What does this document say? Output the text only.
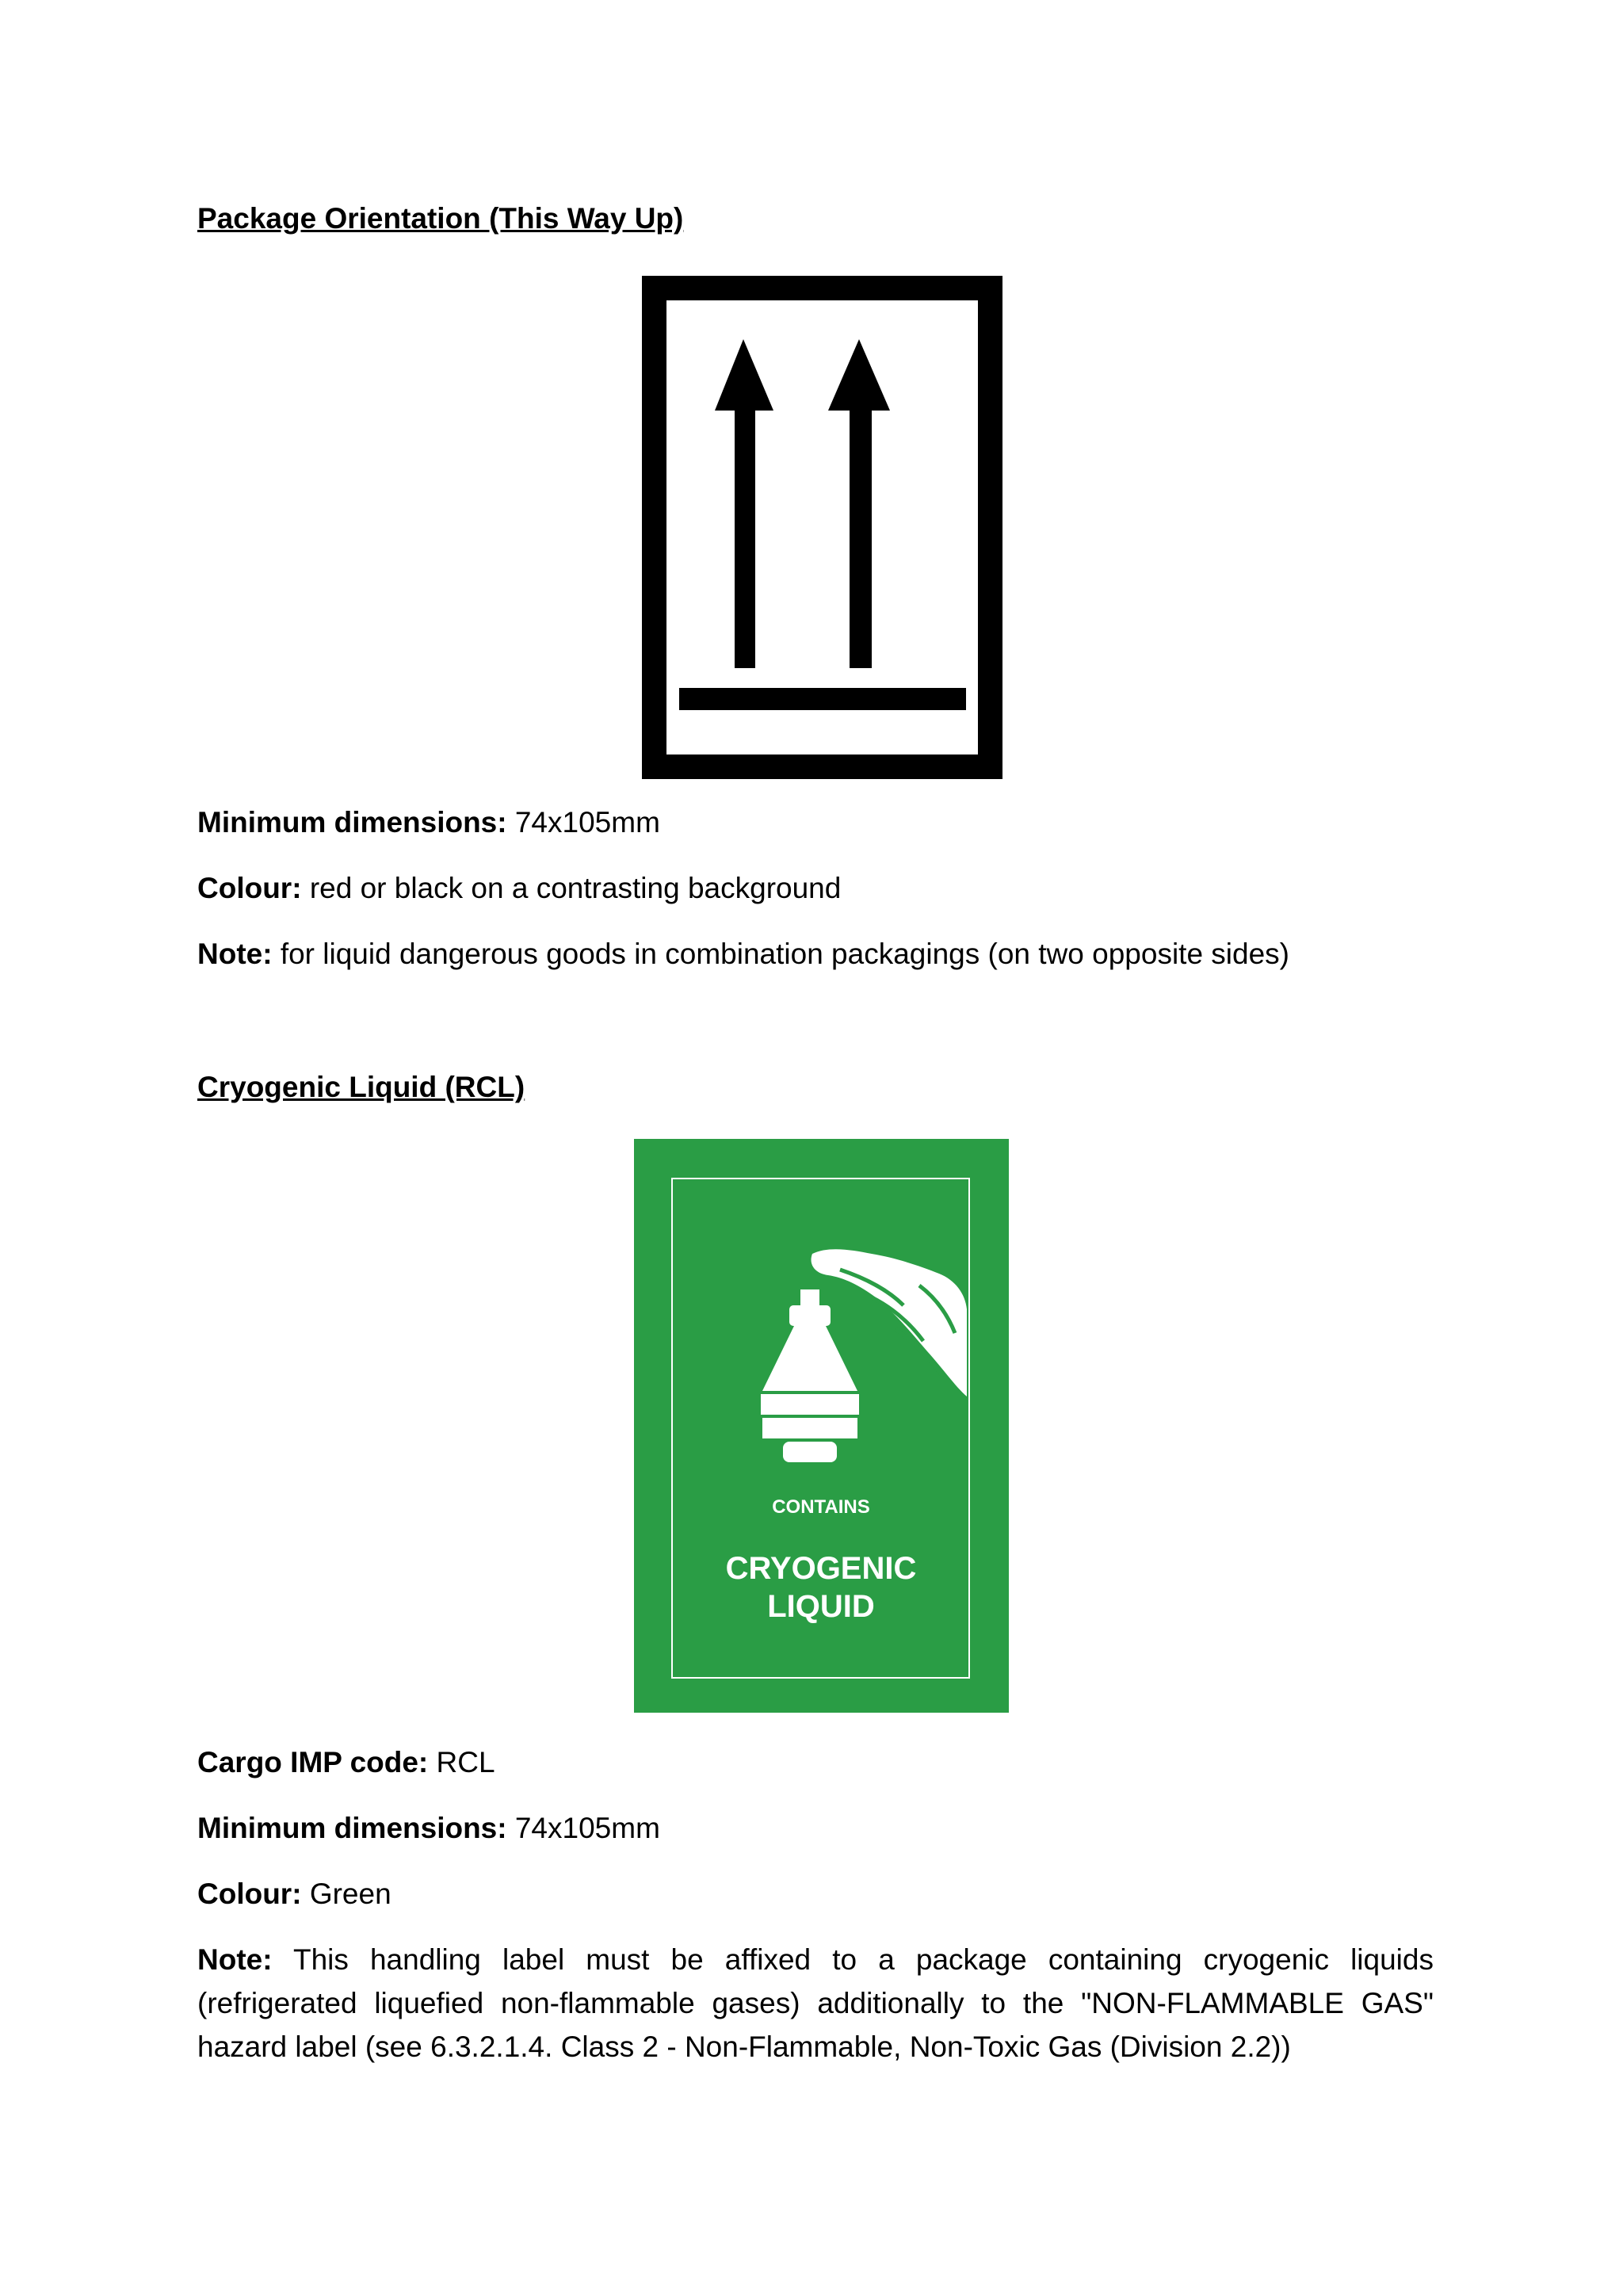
Package Orientation (This Way Up)

Minimum dimensions: 74x105mm

Colour: red or black on a contrasting background

Note: for liquid dangerous goods in combination packagings (on two opposite sides)

Cryogenic Liquid (RCL)
CONTAINS
CRYOGENIC
LIQUID

Cargo IMP code: RCL

Minimum dimensions: 74x105mm

Colour: Green

Note: This handling label must be affixed to a package containing cryogenic liquids (refrigerated liquefied non-flammable gases) additionally to the "NON-FLAMMABLE GAS" hazard label (see 6.3.2.1.4. Class 2 - Non-Flammable, Non-Toxic Gas (Division 2.2))
